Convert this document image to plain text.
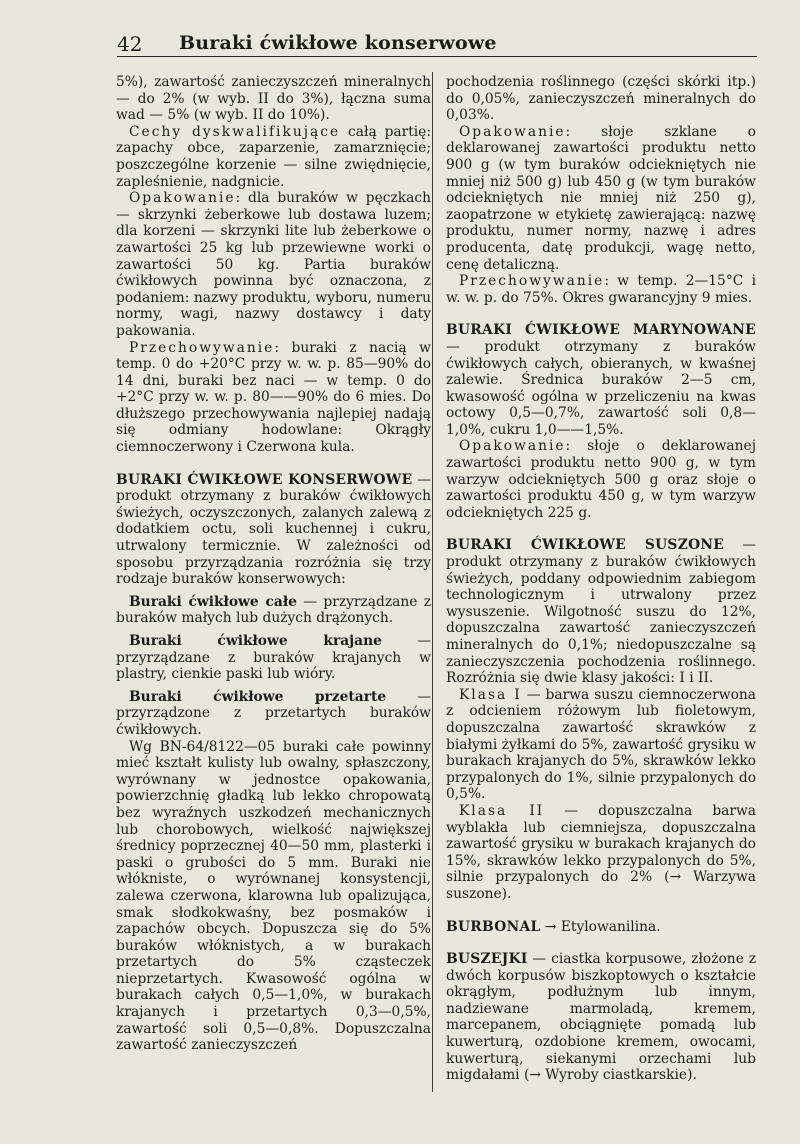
42 Buraki ćwikłowe konserwowe

5%), zawartość zanieczyszczeń mineralnych — do 2% (w wyb. II do 3%), łączna suma wad — 5% (w wyb. II do 10%).

Cechy dyskwalifikujące całą partię: zapachy obce, zaparzenie, zamarznięcie; poszczególne korzenie — silne zwiędnięcie, zapleśnienie, nadgnicie.

Opakowanie: dla buraków w pęczkach — skrzynki żeberkowe lub dostawa luzem; dla korzeni — skrzynki lite lub żeberkowe o zawartości 25 kg lub przewiewne worki o zawartości 50 kg. Partia buraków ćwikłowych powinna być oznaczona, z podaniem: nazwy produktu, wyboru, numeru normy, wagi, nazwy dostawcy i daty pakowania.

Przechowywanie: buraki z nacią w temp. 0 do +20°C przy w. w. p. 85—90% do 14 dni, buraki bez naci — w temp. 0 do +2°C przy w. w. p. 80——90% do 6 mies. Do dłuższego przechowywania najlepiej nadają się odmiany hodowlane: Okrągły ciemnoczerwony i Czerwona kula.

BURAKI ĆWIKŁOWE KONSERWOWE — produkt otrzymany z buraków ćwikłowych świeżych, oczyszczonych, zalanych zalewą z dodatkiem octu, soli kuchennej i cukru, utrwalony termicznie. W zależności od sposobu przyrządzania rozróżnia się trzy rodzaje buraków konserwowych:

Buraki ćwikłowe całe — przyrządzane z buraków małych lub dużych drążonych.

Buraki ćwikłowe krajane — przyrządzane z buraków krajanych w plastry, cienkie paski lub wióry.

Buraki ćwikłowe przetarte — przyrządzone z przetartych buraków ćwikłowych.

Wg BN-64/8122—05 buraki całe powinny mieć kształt kulisty lub owalny, spłaszczony, wyrównany w jednostce opakowania, powierzchnię gładką lub lekko chropowatą bez wyraźnych uszkodzeń mechanicznych lub chorobowych, wielkość największej średnicy poprzecznej 40—50 mm, plasterki i paski o grubości do 5 mm. Buraki nie włókniste, o wyrównanej konsystencji, zalewa czerwona, klarowna lub opalizująca, smak słodkokwaśny, bez posmaków i zapachów obcych. Dopuszcza się do 5% buraków włóknistych, a w burakach przetartych do 5% cząsteczek nieprzetartych. Kwasowość ogólna w burakach całych 0,5—1,0%, w burakach krajanych i przetartych 0,3—0,5%, zawartość soli 0,5—0,8%. Dopuszczalna zawartość zanieczyszczeń

pochodzenia roślinnego (części skórki itp.) do 0,05%, zanieczyszczeń mineralnych do 0,03%.

Opakowanie: słoje szklane o deklarowanej zawartości produktu netto 900 g (w tym buraków odciekniętych nie mniej niż 500 g) lub 450 g (w tym buraków odciekniętych nie mniej niż 250 g), zaopatrzone w etykietę zawierającą: nazwę produktu, numer normy, nazwę i adres producenta, datę produkcji, wagę netto, cenę detaliczną.

Przechowywanie: w temp. 2—15°C i w. w. p. do 75%. Okres gwarancyjny 9 mies.

BURAKI ĆWIKŁOWE MARYNOWANE — produkt otrzymany z buraków ćwikłowych całych, obieranych, w kwaśnej zalewie. Średnica buraków 2—5 cm, kwasowość ogólna w przeliczeniu na kwas octowy 0,5—0,7%, zawartość soli 0,8—1,0%, cukru 1,0——1,5%.

Opakowanie: słoje o deklarowanej zawartości produktu netto 900 g, w tym warzyw odciekniętych 500 g oraz słoje o zawartości produktu 450 g, w tym warzyw odciekniętych 225 g.

BURAKI ĆWIKŁOWE SUSZONE — produkt otrzymany z buraków ćwikłowych świeżych, poddany odpowiednim zabiegom technologicznym i utrwalony przez wysuszenie. Wilgotność suszu do 12%, dopuszczalna zawartość zanieczyszczeń mineralnych do 0,1%; niedopuszczalne są zanieczyszczenia pochodzenia roślinnego. Rozróżnia się dwie klasy jakości: I i II.

Klasa I — barwa suszu ciemnoczerwona z odcieniem różowym lub fioletowym, dopuszczalna zawartość skrawków z białymi żyłkami do 5%, zawartość grysiku w burakach krajanych do 5%, skrawków lekko przypalonych do 1%, silnie przypalonych do 0,5%.

Klasa II — dopuszczalna barwa wyblakła lub ciemniejsza, dopuszczalna zawartość grysiku w burakach krajanych do 15%, skrawków lekko przypalonych do 5%, silnie przypalonych do 2% (→ Warzywa suszone).

BURBONAL → Etylowanilina.

BUSZEJKI — ciastka korpusowe, złożone z dwóch korpusów biszkoptowych o kształcie okrągłym, podłużnym lub innym, nadziewane marmoladą, kremem, marcepanem, obciągnięte pomadą lub kuwerturą, ozdobione kremem, owocami, kuwerturą, siekanymi orzechami lub migdałami (→ Wyroby ciastkarskie).
